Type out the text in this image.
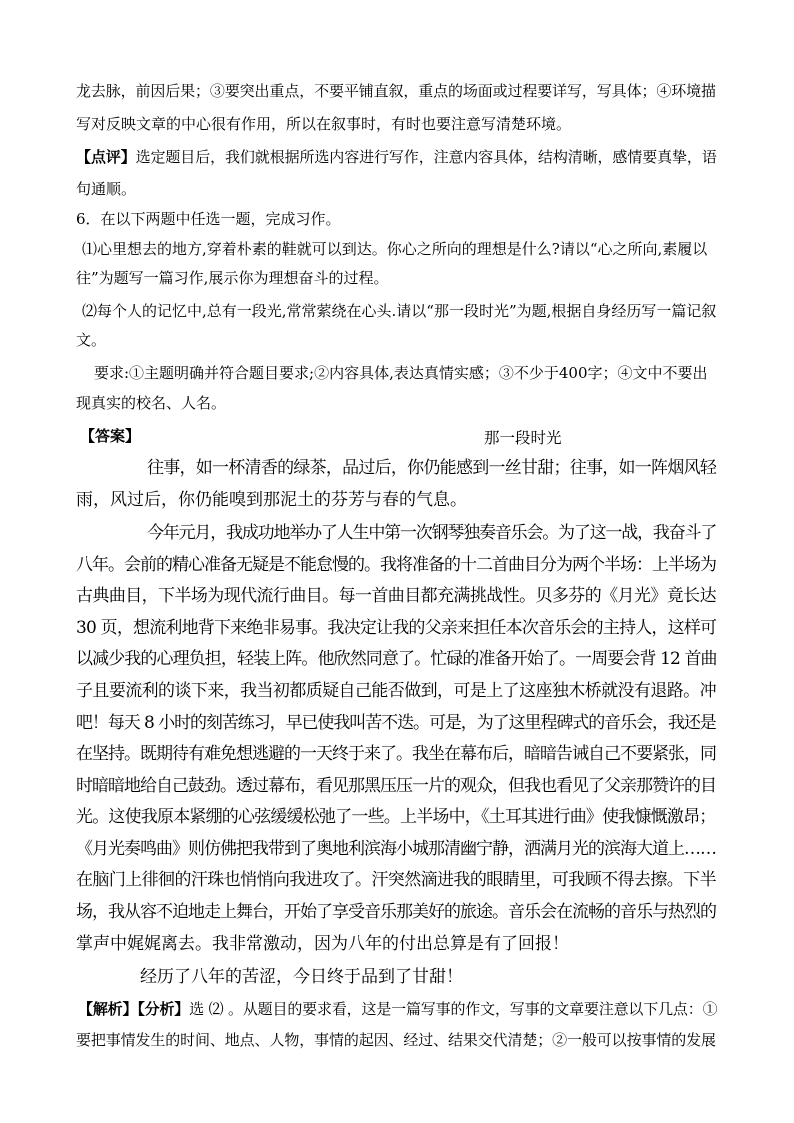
龙去脉，前因后果；③要突出重点，不要平铺直叙，重点的场面或过程要详写，写具体；④环境描
写对反映文章的中心很有作用，所以在叙事时，有时也要注意写清楚环境。
【点评】选定题目后，我们就根据所选内容进行写作，注意内容具体，结构清晰，感情要真挚，语
句通顺。
6．在以下两题中任选一题，完成习作。
⑴心里想去的地方,穿着朴素的鞋就可以到达。你心之所向的理想是什么?请以“心之所向,素履以
往”为题写一篇习作,展示你为理想奋斗的过程。
⑵每个人的记忆中,总有一段光,常常萦绕在心头.请以“那一段时光”为题,根据自身经历写一篇记叙
文。
要求:①主题明确并符合题目要求;②内容具体,表达真情实感；③不少于400字；④文中不要出
现真实的校名、人名。
【答案】	那一段时光
往事，如一杯清香的绿茶，品过后，你仍能感到一丝甘甜；往事，如一阵烟风轻
雨，风过后，你仍能嗅到那泥土的芬芳与春的气息。
今年元月，我成功地举办了人生中第一次钢琴独奏音乐会。为了这一战，我奋斗了
八年。会前的精心准备无疑是不能怠慢的。我将准备的十二首曲目分为两个半场：上半场为
古典曲目，下半场为现代流行曲目。每一首曲目都充满挑战性。贝多芬的《月光》竟长达
30 页，想流利地背下来绝非易事。我决定让我的父亲来担任本次音乐会的主持人，这样可
以减少我的心理负担，轻装上阵。他欣然同意了。忙碌的准备开始了。一周要会背 12 首曲
子且要流利的谈下来，我当初都质疑自己能否做到，可是上了这座独木桥就没有退路。冲
吧！每天 8 小时的刻苦练习，早已使我叫苦不迭。可是，为了这里程碑式的音乐会，我还是
在坚持。既期待有难免想逃避的一天终于来了。我坐在幕布后，暗暗告诫自己不要紧张，同
时暗暗地给自己鼓劲。透过幕布，看见那黑压压一片的观众，但我也看见了父亲那赞许的目
光。这使我原本紧绷的心弦缓缓松弛了一些。上半场中，《土耳其进行曲》使我慷慨激昂；
《月光奏鸣曲》则仿佛把我带到了奥地利滨海小城那清幽宁静，洒满月光的滨海大道上……
在脑门上徘徊的汗珠也悄悄向我进攻了。汗突然滴进我的眼睛里，可我顾不得去擦。下半
场，我从容不迫地走上舞台，开始了享受音乐那美好的旅途。音乐会在流畅的音乐与热烈的
掌声中娓娓离去。我非常激动，因为八年的付出总算是有了回报！
经历了八年的苦涩，今日终于品到了甘甜！
【解析】【分析】选 ⑵ 。从题目的要求看，这是一篇写事的作文，写事的文章要注意以下几点：①
要把事情发生的时间、地点、人物，事情的起因、经过、结果交代清楚；②一般可以按事情的发展
